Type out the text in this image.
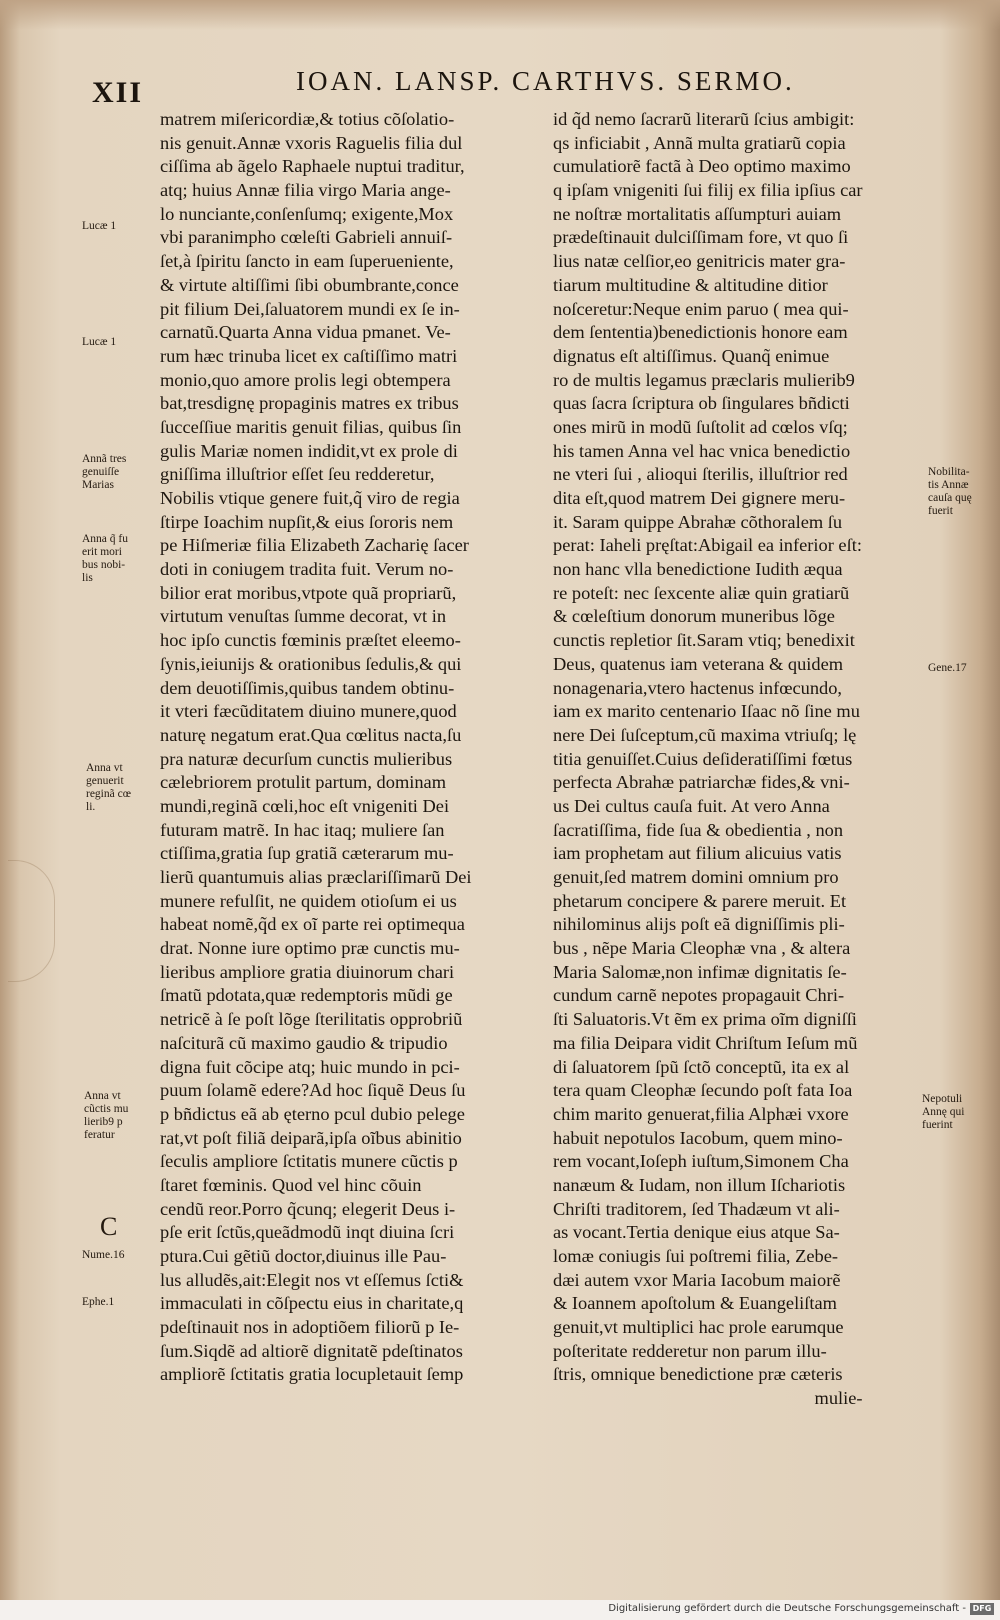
XII	IOAN. LANSP. CARTHVS. SERMO.
matrem miſericordiæ,& totius cõſolatio-
nis genuit.Annæ vxoris Raguelis filia dul
ciſſima ab ãgelo Raphaele nuptui traditur,
atq; huius Annæ filia virgo Maria ange-
lo nunciante,conſenſumq; exigente,Mox
vbi paranimpho cœleſti Gabrieli annuiſ-
ſet,à ſpiritu ſancto in eam ſuperueniente,
& virtute altiſſimi ſibi obumbrante,conce
pit filium Dei,ſaluatorem mundi ex ſe in-
carnatũ.Quarta Anna vidua pmanet. Ve-
rum hæc trinuba licet ex caſtiſſimo matri
monio,quo amore prolis legi obtempera
bat,tresdignę propaginis matres ex tribus
ſucceſſiue maritis genuit filias, quibus ſin
gulis Mariæ nomen indidit,vt ex prole di
gniſſima illuſtrior eſſet ſeu redderetur,
Nobilis vtique genere fuit,q̃ viro de regia
ſtirpe Ioachim nupſit,& eius ſororis nem
pe Hiſmeriæ filia Elizabeth Zacharię ſacer
doti in coniugem tradita fuit. Verum no-
bilior erat moribus,vtpote quã propriarũ,
virtutum venuſtas ſumme decorat, vt in
hoc ipſo cunctis fœminis præſtet eleemo-
ſynis,ieiunijs & orationibus ſedulis,& qui
dem deuotiſſimis,quibus tandem obtinu-
it vteri fæcũditatem diuino munere,quod
naturę negatum erat.Qua cœlitus nacta,ſu
pra naturæ decurſum cunctis mulieribus
cælebriorem protulit partum, dominam
mundi,reginã cœli,hoc eſt vnigeniti Dei
futuram matrẽ. In hac itaq; muliere ſan
ctiſſima,gratia ſup gratiã cæterarum mu-
lierũ quantumuis alias præclariſſimarũ Dei
munere refulſit, ne quidem otioſum ei us
habeat nomẽ,q̃d ex oĩ parte rei optimequa
drat. Nonne iure optimo præ cunctis mu-
lieribus ampliore gratia diuinorum chari
ſmatũ pdotata,quæ redemptoris mũdi ge
netricẽ à ſe poſt lõge ſterilitatis opprobriũ
naſciturã cũ maximo gaudio & tripudio
digna fuit cõcipe atq; huic mundo in pci-
puum ſolamẽ edere?Ad hoc ſiquẽ Deus ſu
p bñdictus eã ab ęterno pcul dubio pelege
rat,vt poſt filiã deiparã,ipſa oĩbus abinitio
ſeculis ampliore ſctitatis munere cũctis p
ſtaret fœminis. Quod vel hinc cõuin
cendũ reor.Porro q̃cunq; elegerit Deus i-
pſe erit ſctũs,queãdmodũ inqt diuina ſcri
ptura.Cui gẽtiũ doctor,diuinus ille Pau-
lus alludẽs,ait:Elegit nos vt eſſemus ſcti&
immaculati in cõſpectu eius in charitate,q
pdeſtinauit nos in adoptiõem filiorũ p Ie-
ſum.Siqdẽ ad altiorẽ dignitatẽ pdeſtinatos
ampliorẽ ſctitatis gratia locupletauit ſemp
id q̃d nemo ſacrarũ literarũ ſcius ambigit:
qs inficiabit , Annã multa gratiarũ copia
cumulatiorẽ factã à Deo optimo maximo
q ipſam vnigeniti ſui filij ex filia ipſius car
ne noſtræ mortalitatis aſſumpturi auiam
prædeſtinauit dulciſſimam fore, vt quo ſi
lius natæ celſior,eo genitricis mater gra-
tiarum multitudine & altitudine ditior
noſceretur:Neque enim paruo ( mea qui-
dem ſententia)benedictionis honore eam
dignatus eſt altiſſimus. Quanq̃ enimue
ro de multis legamus præclaris mulierib9
quas ſacra ſcriptura ob ſingulares bñdicti
ones mirũ in modũ ſuſtolit ad cœlos vſq;
his tamen Anna vel hac vnica benedictio
ne vteri ſui , alioqui ſterilis, illuſtrior red
dita eſt,quod matrem Dei gignere meru-
it. Saram quippe Abrahæ cõthoralem ſu
perat: Iaheli pręſtat:Abigail ea inferior eſt:
non hanc vlla benedictione Iudith æqua
re poteſt: nec ſexcente aliæ quin gratiarũ
& cœleſtium donorum muneribus lõge
cunctis repletior ſit.Saram vtiq; benedixit
Deus, quatenus iam veterana & quidem
nonagenaria,vtero hactenus infœcundo,
iam ex marito centenario Iſaac nõ ſine mu
nere Dei ſuſceptum,cũ maxima vtriuſq; lę
titia genuiſſet.Cuius deſideratiſſimi fœtus
perfecta Abrahæ patriarchæ fides,& vni-
us Dei cultus cauſa fuit. At vero Anna
ſacratiſſima, fide ſua & obedientia , non
iam prophetam aut filium alicuius vatis
genuit,ſed matrem domini omnium pro
phetarum concipere & parere meruit. Et
nihilominus alijs poſt eã digniſſimis pli-
bus , nẽpe Maria Cleophæ vna , & altera
Maria Salomæ,non infimæ dignitatis ſe-
cundum carnẽ nepotes propagauit Chri-
ſti Saluatoris.Vt ẽm ex prima oĩm digniſſi
ma filia Deipara vidit Chriſtum Ieſum mũ
di ſaluatorem ſpũ ſctõ conceptũ, ita ex al
tera quam Cleophæ ſecundo poſt fata Ioa
chim marito genuerat,filia Alphæi vxore
habuit nepotulos Iacobum, quem mino-
rem vocant,Ioſeph iuſtum,Simonem Cha
nanæum & Iudam, non illum Iſchariotis
Chriſti traditorem, ſed Thadæum vt ali-
as vocant.Tertia denique eius atque Sa-
lomæ coniugis ſui poſtremi filia, Zebe-
dæi autem vxor Maria Iacobum maiorẽ
& Ioannem apoſtolum & Euangeliſtam
genuit,vt multiplici hac prole earumque
poſteritate redderetur non parum illu-
ſtris, omnique benedictione præ cæteris
mulie-
Lucæ 1
Lucæ 1
Annã tres
genuiſſe
Marias
Anna q̃ fu
erit mori
bus nobi-
lis
Anna vt
genuerit
reginã cœ
li.
Anna vt
cũctis mu
lierib9 p
feratur
C
Nume.16
Ephe.1
Nobilita-
tis Annæ
cauſa quę
fuerit
Gene.17
Nepotuli
Annę qui
fuerint
Digitalisierung gefördert durch die Deutsche Forschungsgemeinschaft - DFG
